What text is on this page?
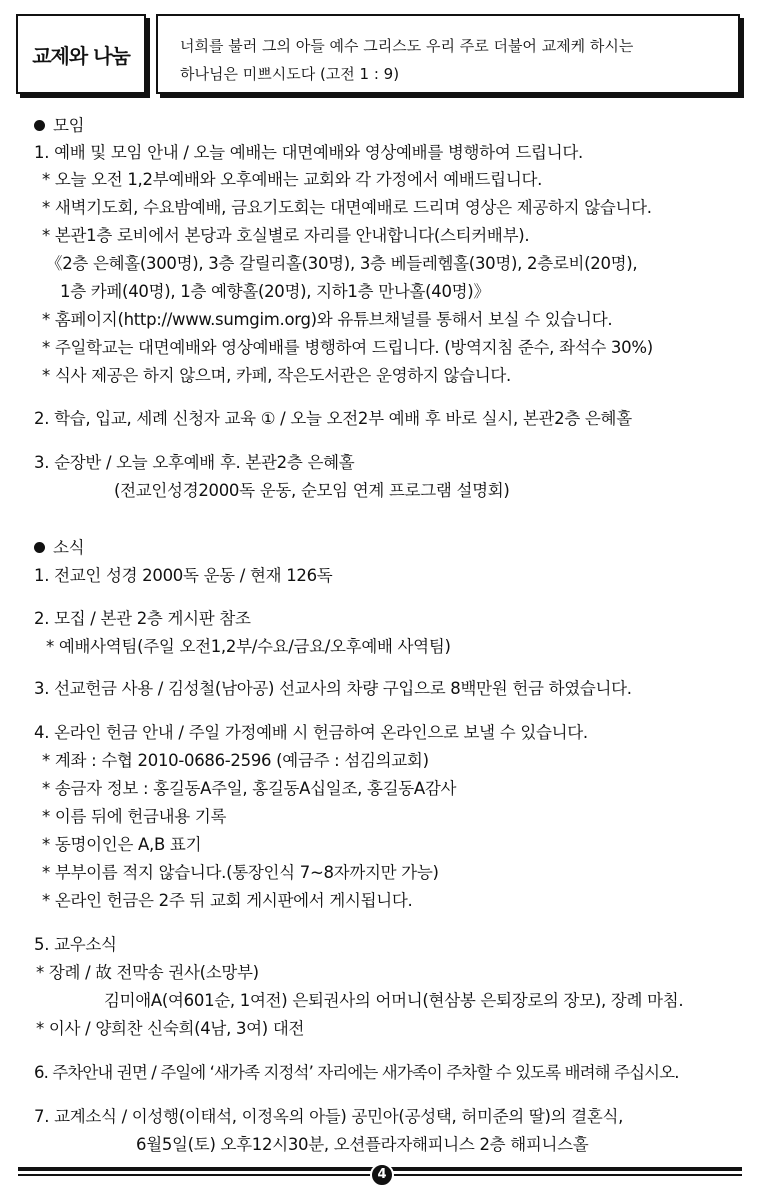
교제와 나눔	너희를 불러 그의 아들 예수 그리스도 우리 주로 더불어 교제케 하시는
하나님은 미쁘시도다 (고전 1 : 9)
모임
1. 예배 및 모임 안내 / 오늘 예배는 대면예배와 영상예배를 병행하여 드립니다.
* 오늘 오전 1,2부예배와 오후예배는 교회와 각 가정에서 예배드립니다.
* 새벽기도회, 수요밤예배, 금요기도회는 대면예배로 드리며 영상은 제공하지 않습니다.
* 본관1층 로비에서 본당과 호실별로 자리를 안내합니다(스티커배부).
《2층 은혜홀(300명), 3층 갈릴리홀(30명), 3층 베들레헴홀(30명), 2층로비(20명),
1층 카페(40명), 1층 예향홀(20명), 지하1층 만나홀(40명)》
* 홈페이지(http://www.sumgim.org)와 유튜브채널를 통해서 보실 수 있습니다.
* 주일학교는 대면예배와 영상예배를 병행하여 드립니다. (방역지침 준수, 좌석수 30%)
* 식사 제공은 하지 않으며, 카페, 작은도서관은 운영하지 않습니다.
2. 학습, 입교, 세례 신청자 교육 ① / 오늘 오전2부 예배 후 바로 실시, 본관2층 은혜홀
3. 순장반 / 오늘 오후예배 후. 본관2층 은혜홀
(전교인성경2000독 운동, 순모임 연계 프로그램 설명회)
소식
1. 전교인 성경 2000독 운동 / 현재 126독
2. 모집 / 본관 2층 게시판 참조
* 예배사역팀(주일 오전1,2부/수요/금요/오후예배 사역팀)
3. 선교헌금 사용 / 김성철(남아공) 선교사의 차량 구입으로 8백만원 헌금 하였습니다.
4. 온라인 헌금 안내 / 주일 가정예배 시 헌금하여 온라인으로 보낼 수 있습니다.
* 계좌 : 수협 2010-0686-2596 (예금주 : 섬김의교회)
* 송금자 정보 : 홍길동A주일, 홍길동A십일조, 홍길동A감사
* 이름 뒤에 헌금내용 기록
* 동명이인은 A,B 표기
* 부부이름 적지 않습니다.(통장인식 7~8자까지만 가능)
* 온라인 헌금은 2주 뒤 교회 게시판에서 게시됩니다.
5. 교우소식
* 장례 / 故 전막송 권사(소망부)
김미애A(여601순, 1여전) 은퇴권사의 어머니(현삼봉 은퇴장로의 장모), 장례 마침.
* 이사 / 양희찬 신숙희(4남, 3여) 대전
6. 주차안내 권면 / 주일에 ‘새가족 지정석’ 자리에는 새가족이 주차할 수 있도록 배려해 주십시오.
7. 교계소식 / 이성행(이태석, 이정옥의 아들) 공민아(공성택, 허미준의 딸)의 결혼식,
6월5일(토) 오후12시30분, 오션플라자해피니스 2층 해피니스홀
4
